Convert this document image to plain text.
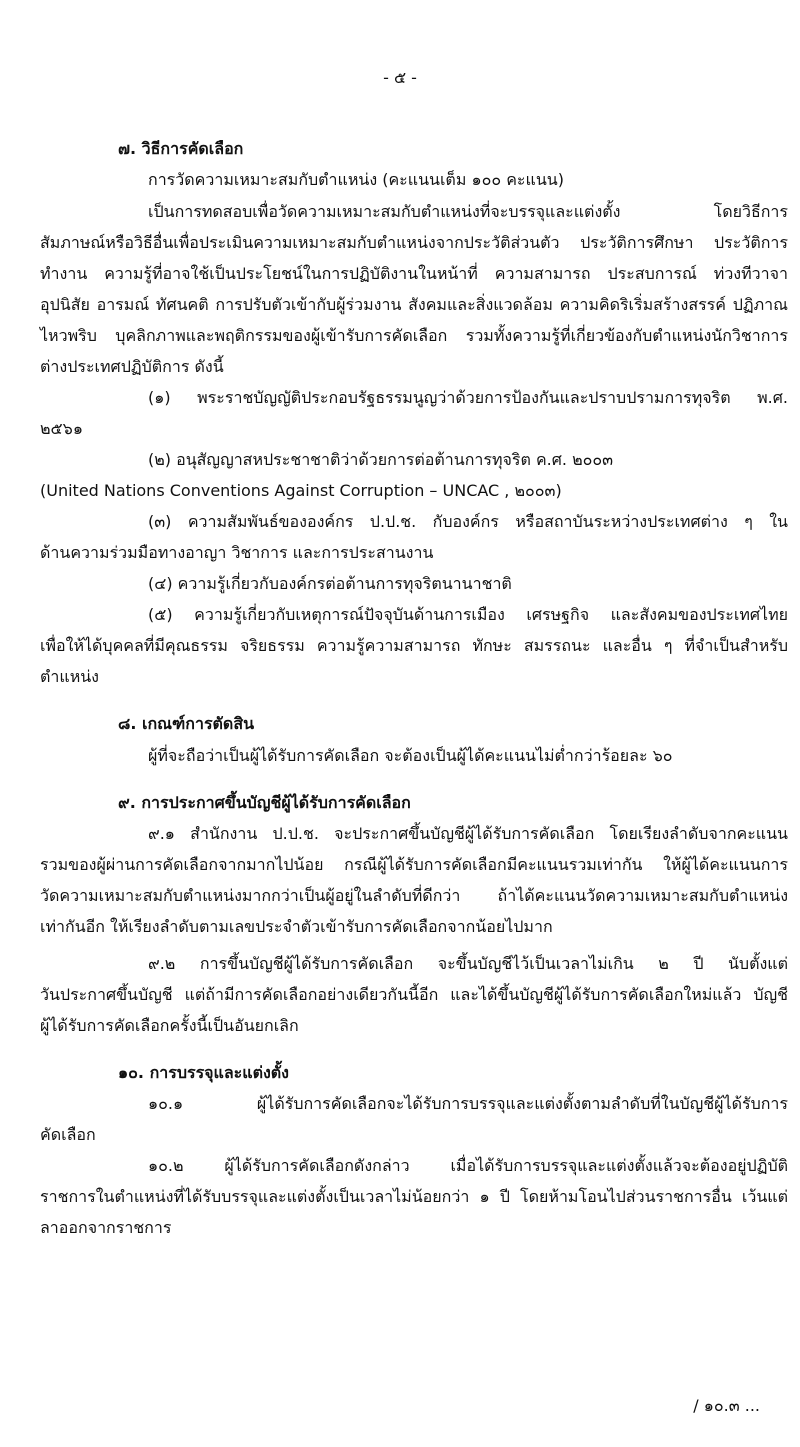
- ๕ -

๗. วิธีการคัดเลือก

การวัดความเหมาะสมกับตำแหน่ง (คะแนนเต็ม ๑๐๐ คะแนน)

เป็นการทดสอบเพื่อวัดความเหมาะสมกับตำแหน่งที่จะบรรจุและแต่งตั้ง โดยวิธีการ

สัมภาษณ์หรือวิธีอื่นเพื่อประเมินความเหมาะสมกับตำแหน่งจากประวัติส่วนตัว ประวัติการศึกษา ประวัติการ

ทำงาน ความรู้ที่อาจใช้เป็นประโยชน์ในการปฏิบัติงานในหน้าที่ ความสามารถ ประสบการณ์ ท่วงทีวาจา

อุปนิสัย อารมณ์ ทัศนคติ การปรับตัวเข้ากับผู้ร่วมงาน สังคมและสิ่งแวดล้อม ความคิดริเริ่มสร้างสรรค์ ปฏิภาณ

ไหวพริบ บุคลิกภาพและพฤติกรรมของผู้เข้ารับการคัดเลือก รวมทั้งความรู้ที่เกี่ยวข้องกับตำแหน่งนักวิชาการ

ต่างประเทศปฏิบัติการ ดังนี้

(๑) พระราชบัญญัติประกอบรัฐธรรมนูญว่าด้วยการป้องกันและปราบปรามการทุจริต พ.ศ.

๒๕๖๑

(๒) อนุสัญญาสหประชาชาติว่าด้วยการต่อต้านการทุจริต ค.ศ. ๒๐๐๓

(United Nations Conventions Against Corruption – UNCAC , ๒๐๐๓)

(๓) ความสัมพันธ์ขององค์กร ป.ป.ช. กับองค์กร หรือสถาบันระหว่างประเทศต่าง ๆ ใน

ด้านความร่วมมือทางอาญา วิชาการ และการประสานงาน

(๔) ความรู้เกี่ยวกับองค์กรต่อต้านการทุจริตนานาชาติ

(๕) ความรู้เกี่ยวกับเหตุการณ์ปัจจุบันด้านการเมือง เศรษฐกิจ และสังคมของประเทศไทย

เพื่อให้ได้บุคคลที่มีคุณธรรม จริยธรรม ความรู้ความสามารถ ทักษะ สมรรถนะ และอื่น ๆ ที่จำเป็นสำหรับ

ตำแหน่ง

๘. เกณฑ์การตัดสิน

ผู้ที่จะถือว่าเป็นผู้ได้รับการคัดเลือก จะต้องเป็นผู้ได้คะแนนไม่ต่ำกว่าร้อยละ ๖๐

๙. การประกาศขึ้นบัญชีผู้ได้รับการคัดเลือก

๙.๑ สำนักงาน ป.ป.ช. จะประกาศขึ้นบัญชีผู้ได้รับการคัดเลือก โดยเรียงลำดับจากคะแนน

รวมของผู้ผ่านการคัดเลือกจากมากไปน้อย กรณีผู้ได้รับการคัดเลือกมีคะแนนรวมเท่ากัน ให้ผู้ได้คะแนนการ

วัดความเหมาะสมกับตำแหน่งมากกว่าเป็นผู้อยู่ในลำดับที่ดีกว่า ถ้าได้คะแนนวัดความเหมาะสมกับตำแหน่ง

เท่ากันอีก ให้เรียงลำดับตามเลขประจำตัวเข้ารับการคัดเลือกจากน้อยไปมาก

๙.๒ การขึ้นบัญชีผู้ได้รับการคัดเลือก จะขึ้นบัญชีไว้เป็นเวลาไม่เกิน ๒ ปี นับตั้งแต่

วันประกาศขึ้นบัญชี แต่ถ้ามีการคัดเลือกอย่างเดียวกันนี้อีก และได้ขึ้นบัญชีผู้ได้รับการคัดเลือกใหม่แล้ว บัญชี

ผู้ได้รับการคัดเลือกครั้งนี้เป็นอันยกเลิก

๑๐. การบรรจุและแต่งตั้ง

๑๐.๑ ผู้ได้รับการคัดเลือกจะได้รับการบรรจุและแต่งตั้งตามลำดับที่ในบัญชีผู้ได้รับการ

คัดเลือก

๑๐.๒ ผู้ได้รับการคัดเลือกดังกล่าว เมื่อได้รับการบรรจุและแต่งตั้งแล้วจะต้องอยู่ปฏิบัติ

ราชการในตำแหน่งที่ได้รับบรรจุและแต่งตั้งเป็นเวลาไม่น้อยกว่า ๑ ปี โดยห้ามโอนไปส่วนราชการอื่น เว้นแต่

ลาออกจากราชการ

/ ๑๐.๓ ...
